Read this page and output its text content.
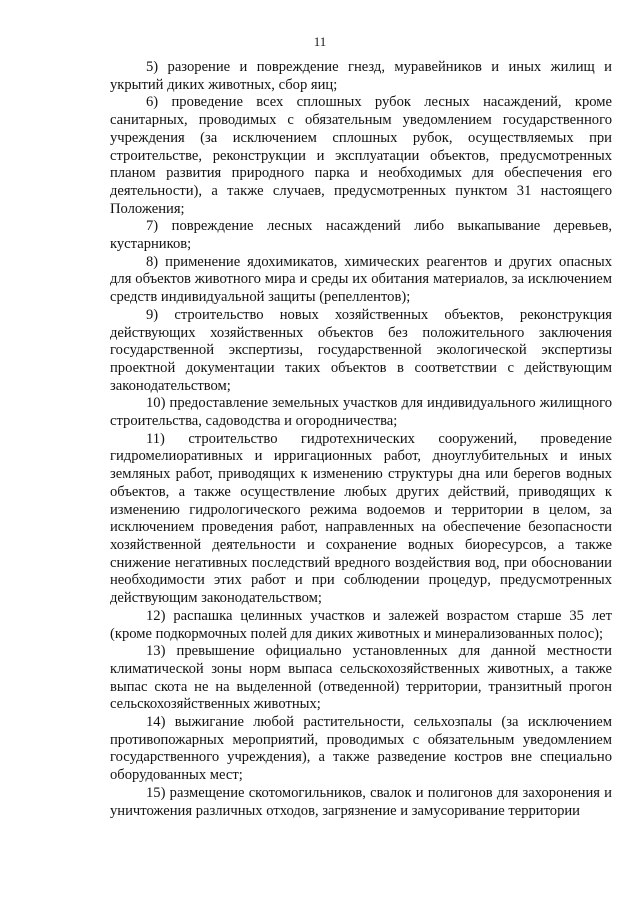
11

5) разорение и повреждение гнезд, муравейников и иных жилищ и укрытий диких животных, сбор яиц;

6) проведение всех сплошных рубок лесных насаждений, кроме санитарных, проводимых с обязательным уведомлением государственного учреждения (за исключением сплошных рубок, осуществляемых при строительстве, реконструкции и эксплуатации объектов, предусмотренных планом развития природного парка и необходимых для обеспечения его деятельности), а также случаев, предусмотренных пунктом 31 настоящего Положения;

7) повреждение лесных насаждений либо выкапывание деревьев, кустарников;

8) применение ядохимикатов, химических реагентов и других опасных для объектов животного мира и среды их обитания материалов, за исключением средств индивидуальной защиты (репеллентов);

9) строительство новых хозяйственных объектов, реконструкция действующих хозяйственных объектов без положительного заключения государственной экспертизы, государственной экологической экспертизы проектной документации таких объектов в соответствии с действующим законодательством;

10) предоставление земельных участков для индивидуального жилищного строительства, садоводства и огородничества;

11) строительство гидротехнических сооружений, проведение гидромелиоративных и ирригационных работ, дноуглубительных и иных земляных работ, приводящих к изменению структуры дна или берегов водных объектов, а также осуществление любых других действий, приводящих к изменению гидрологического режима водоемов и территории в целом, за исключением проведения работ, направленных на обеспечение безопасности хозяйственной деятельности и сохранение водных биоресурсов, а также снижение негативных последствий вредного воздействия вод, при обосновании необходимости этих работ и при соблюдении процедур, предусмотренных действующим законодательством;

12) распашка целинных участков и залежей возрастом старше 35 лет (кроме подкормочных полей для диких животных и минерализованных полос);

13) превышение официально установленных для данной местности климатической зоны норм выпаса сельскохозяйственных животных, а также выпас скота не на выделенной (отведенной) территории, транзитный прогон сельскохозяйственных животных;

14) выжигание любой растительности, сельхозпалы (за исключением противопожарных мероприятий, проводимых с обязательным уведомлением государственного учреждения), а также разведение костров вне специально оборудованных мест;

15) размещение скотомогильников, свалок и полигонов для захоронения и уничтожения различных отходов, загрязнение и замусоривание территории
